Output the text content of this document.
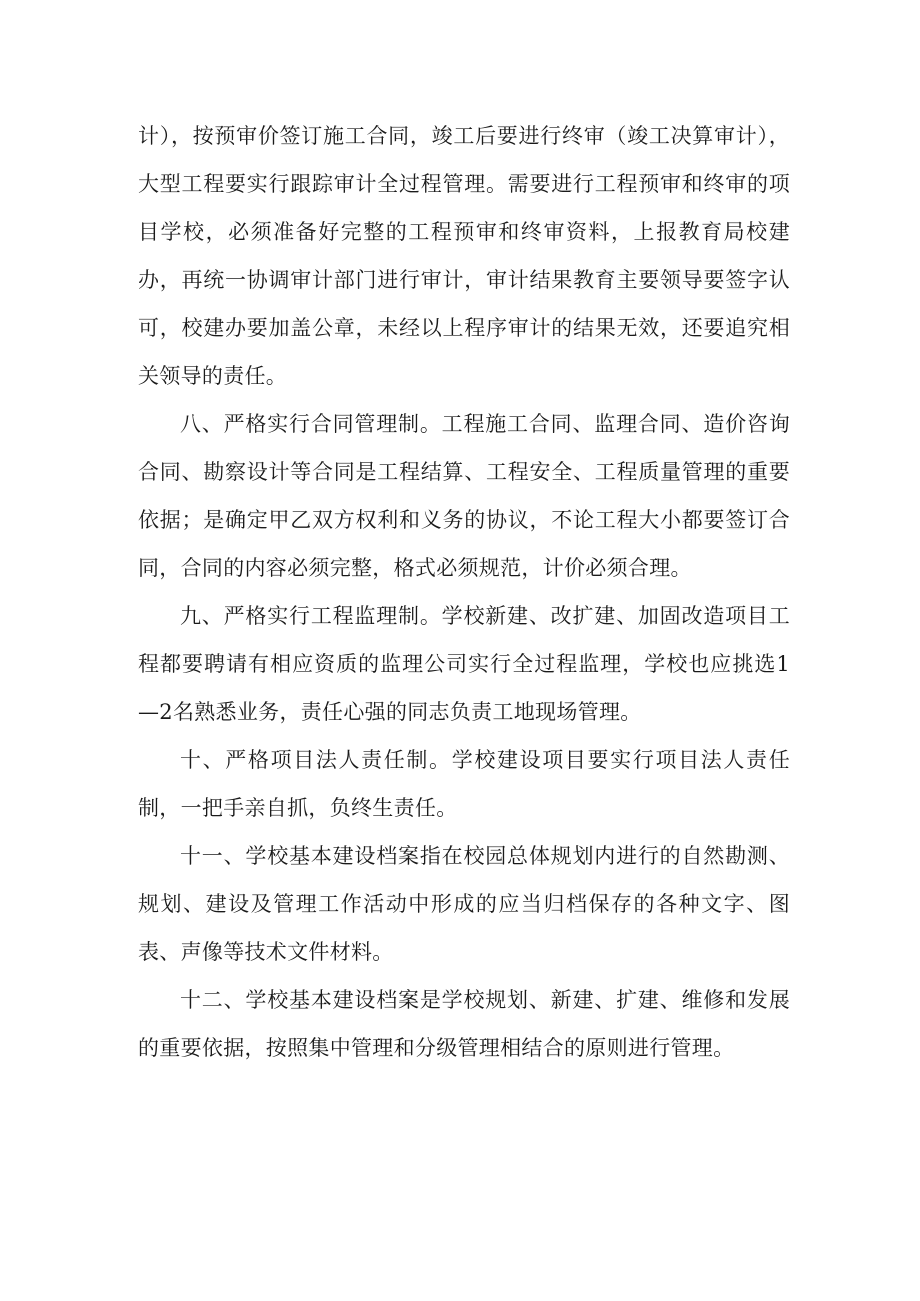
计），按预审价签订施工合同，竣工后要进行终审（竣工决算审计），大型工程要实行跟踪审计全过程管理。需要进行工程预审和终审的项目学校，必须准备好完整的工程预审和终审资料，上报教育局校建办，再统一协调审计部门进行审计，审计结果教育主要领导要签字认可，校建办要加盖公章，未经以上程序审计的结果无效，还要追究相关领导的责任。

八、严格实行合同管理制。工程施工合同、监理合同、造价咨询合同、勘察设计等合同是工程结算、工程安全、工程质量管理的重要依据；是确定甲乙双方权利和义务的协议，不论工程大小都要签订合同，合同的内容必须完整，格式必须规范，计价必须合理。

九、严格实行工程监理制。学校新建、改扩建、加固改造项目工程都要聘请有相应资质的监理公司实行全过程监理，学校也应挑选1—2名熟悉业务，责任心强的同志负责工地现场管理。

十、严格项目法人责任制。学校建设项目要实行项目法人责任制，一把手亲自抓，负终生责任。

十一、学校基本建设档案指在校园总体规划内进行的自然勘测、规划、建设及管理工作活动中形成的应当归档保存的各种文字、图表、声像等技术文件材料。

十二、学校基本建设档案是学校规划、新建、扩建、维修和发展的重要依据，按照集中管理和分级管理相结合的原则进行管理。
